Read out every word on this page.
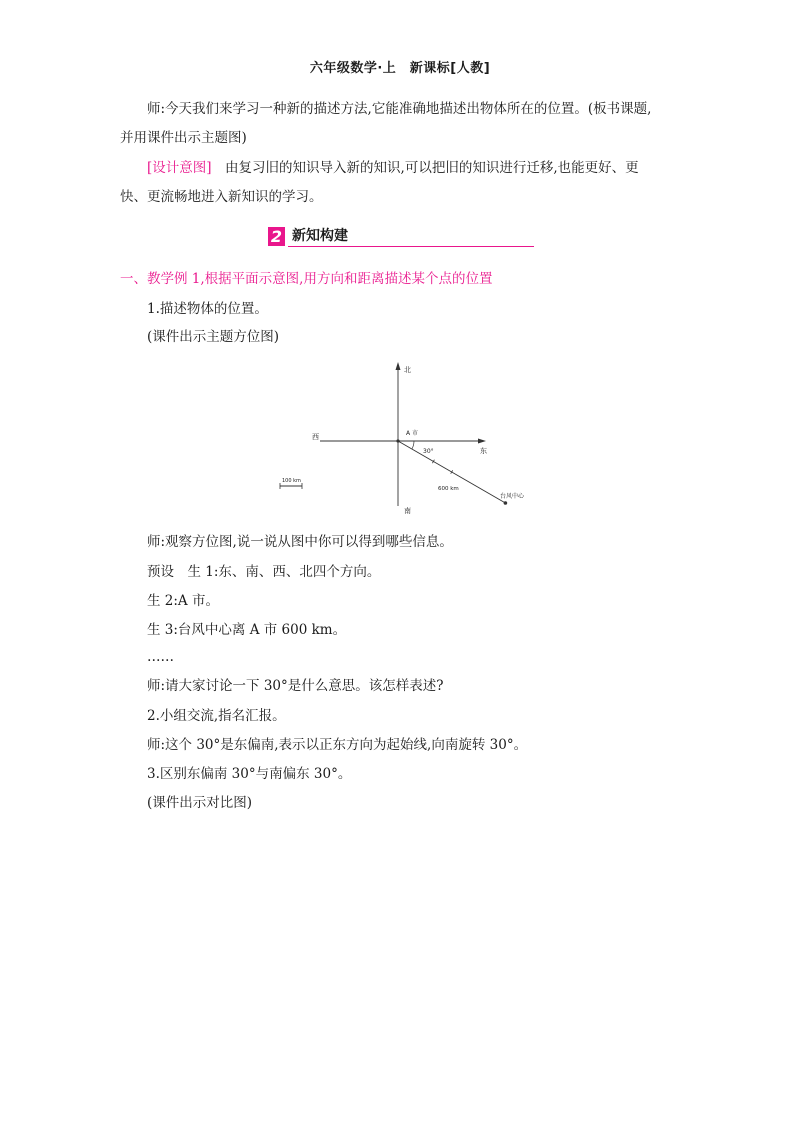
六年级数学·上　新课标[人教]
师:今天我们来学习一种新的描述方法,它能准确地描述出物体所在的位置。(板书课题,
并用课件出示主题图)
[设计意图]　由复习旧的知识导入新的知识,可以把旧的知识进行迁移,也能更好、更
快、更流畅地进入新知识的学习。
2 新知构建
一、教学例 1,根据平面示意图,用方向和距离描述某个点的位置
1.描述物体的位置。
(课件出示主题方位图)
北
南
东
西	A 市
30°
600 km
台风中心
100 km
师:观察方位图,说一说从图中你可以得到哪些信息。
预设　生 1:东、南、西、北四个方向。
生 2:A 市。
生 3:台风中心离 A 市 600 km。
……
师:请大家讨论一下 30°是什么意思。该怎样表述?
2.小组交流,指名汇报。
师:这个 30°是东偏南,表示以正东方向为起始线,向南旋转 30°。
3.区别东偏南 30°与南偏东 30°。
(课件出示对比图)
